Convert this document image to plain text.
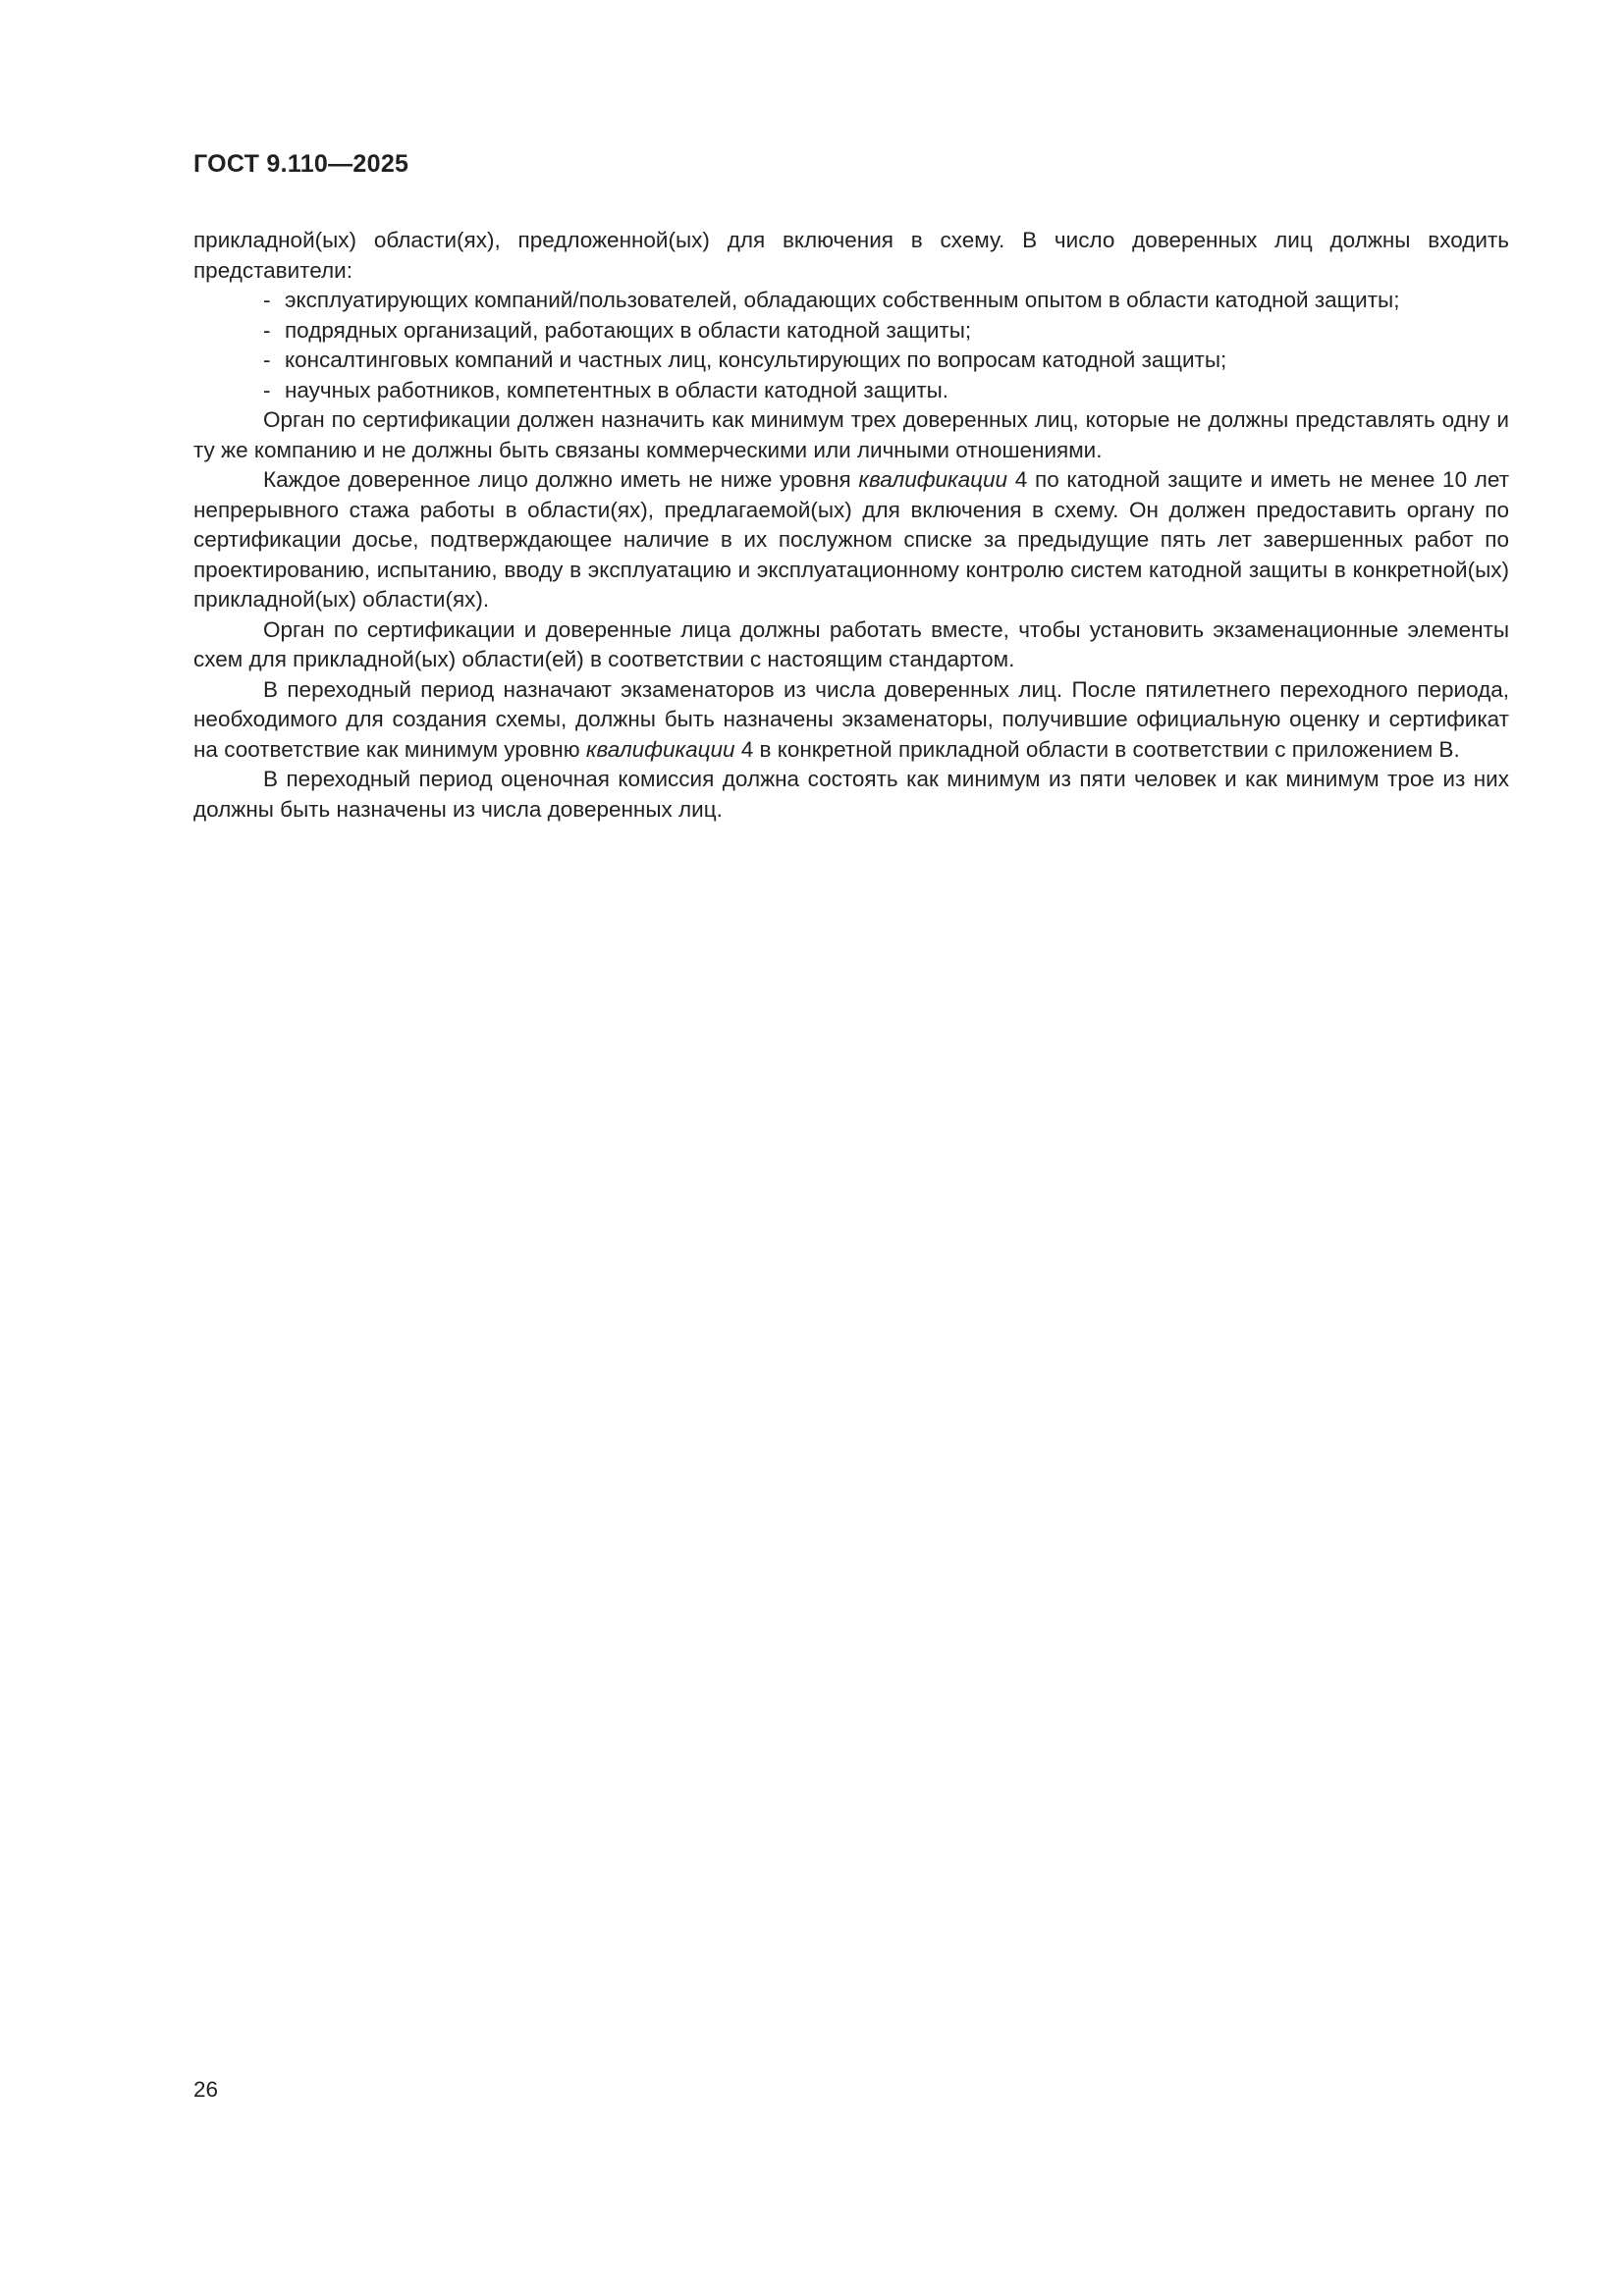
ГОСТ 9.110—2025

прикладной(ых) области(ях), предложенной(ых) для включения в схему. В число доверенных лиц должны входить представители:

- эксплуатирующих компаний/пользователей, обладающих собственным опытом в области катодной защиты;
- подрядных организаций, работающих в области катодной защиты;
- консалтинговых компаний и частных лиц, консультирующих по вопросам катодной защиты;
- научных работников, компетентных в области катодной защиты.

Орган по сертификации должен назначить как минимум трех доверенных лиц, которые не должны представлять одну и ту же компанию и не должны быть связаны коммерческими или личными отношениями.

Каждое доверенное лицо должно иметь не ниже уровня квалификации 4 по катодной защите и иметь не менее 10 лет непрерывного стажа работы в области(ях), предлагаемой(ых) для включения в схему. Он должен предоставить органу по сертификации досье, подтверждающее наличие в их послужном списке за предыдущие пять лет завершенных работ по проектированию, испытанию, вводу в эксплуатацию и эксплуатационному контролю систем катодной защиты в конкретной(ых) прикладной(ых) области(ях).

Орган по сертификации и доверенные лица должны работать вместе, чтобы установить экзаменационные элементы схем для прикладной(ых) области(ей) в соответствии с настоящим стандартом.

В переходный период назначают экзаменаторов из числа доверенных лиц. После пятилетнего переходного периода, необходимого для создания схемы, должны быть назначены экзаменаторы, получившие официальную оценку и сертификат на соответствие как минимум уровню квалификации 4 в конкретной прикладной области в соответствии с приложением В.

В переходный период оценочная комиссия должна состоять как минимум из пяти человек и как минимум трое из них должны быть назначены из числа доверенных лиц.

26
